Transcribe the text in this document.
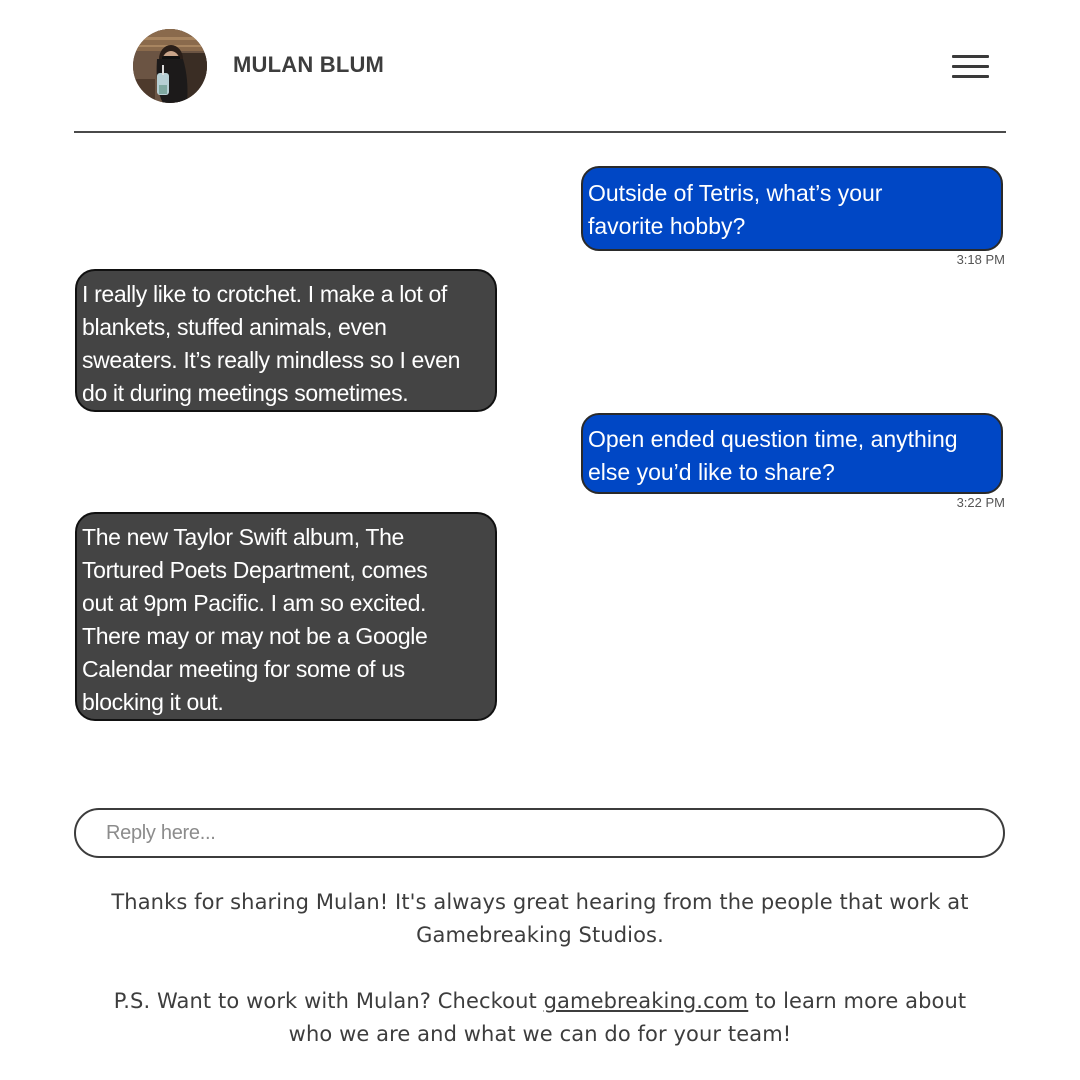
MULAN BLUM
Outside of Tetris, what’s your
favorite hobby?
3:18 PM
I really like to crotchet. I make a lot of
blankets, stuffed animals, even
sweaters. It’s really mindless so I even
do it during meetings sometimes.
Open ended question time, anything
else you’d like to share?
3:22 PM
The new Taylor Swift album, The
Tortured Poets Department, comes
out at 9pm Pacific. I am so excited.
There may or may not be a Google
Calendar meeting for some of us
blocking it out.
Reply here...
Thanks for sharing Mulan! It's always great hearing from the people that work at
Gamebreaking Studios.
P.S. Want to work with Mulan? Checkout gamebreaking.com to learn more about
who we are and what we can do for your team!
